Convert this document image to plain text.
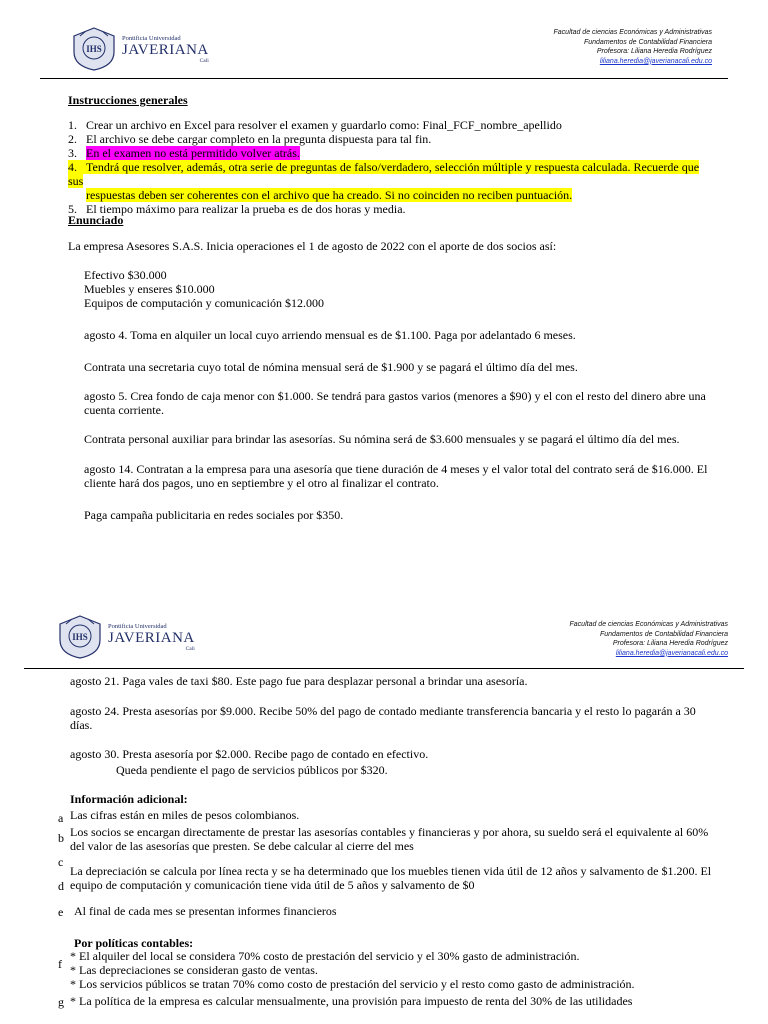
IHS
Pontificia Universidad
JAVERIANA
Cali
Facultad de ciencias Económicas y Administrativas
Fundamentos de Contabilidad Financiera
Profesora: Liliana Heredia Rodríguez
liliana.heredia@javerianacali.edu.co
Instrucciones generales
1. Crear un archivo en Excel para resolver el examen y guardarlo como: Final_FCF_nombre_apellido
2. El archivo se debe cargar completo en la pregunta dispuesta para tal fin.
3. En el examen no está permitido volver atrás.
4. Tendrá que resolver, además, otra serie de preguntas de falso/verdadero, selección múltiple y respuesta calculada. Recuerde que sus
respuestas deben ser coherentes con el archivo que ha creado. Si no coinciden no reciben puntuación.
5. El tiempo máximo para realizar la prueba es de dos horas y media.
Enunciado
La empresa Asesores S.A.S. Inicia operaciones el 1 de agosto de 2022 con el aporte de dos socios así:
Efectivo $30.000
Muebles y enseres $10.000
Equipos de computación y comunicación $12.000
agosto 4. Toma en alquiler un local cuyo arriendo mensual es de $1.100. Paga por adelantado 6 meses.
Contrata una secretaria cuyo total de nómina mensual será de $1.900 y se pagará el último día del mes.
agosto 5. Crea fondo de caja menor con $1.000. Se tendrá para gastos varios (menores a $90) y el con el resto del dinero abre una
cuenta corriente.
Contrata personal auxiliar para brindar las asesorías. Su nómina será de $3.600 mensuales y se pagará el último día del mes.
agosto 14. Contratan a la empresa para una asesoría que tiene duración de 4 meses y el valor total del contrato será de $16.000. El
cliente hará dos pagos, uno en septiembre y el otro al finalizar el contrato.
Paga campaña publicitaria en redes sociales por $350.
IHS
Pontificia Universidad
JAVERIANA
Cali
Facultad de ciencias Económicas y Administrativas
Fundamentos de Contabilidad Financiera
Profesora: Liliana Heredia Rodríguez
liliana.heredia@javerianacali.edu.co
agosto 21. Paga vales de taxi $80. Este pago fue para desplazar personal a brindar una asesoría.
agosto 24. Presta asesorías por $9.000. Recibe 50% del pago de contado mediante transferencia bancaria y el resto lo pagarán a 30
días.
agosto 30. Presta asesoría por $2.000. Recibe pago de contado en efectivo.
Queda pendiente el pago de servicios públicos por $320.
Información adicional:
a Las cifras están en miles de pesos colombianos.
b Los socios se encargan directamente de prestar las asesorías contables y financieras y por ahora, su sueldo será el equivalente al 60%
del valor de las asesorías que presten. Se debe calcular al cierre del mes
c
La depreciación se calcula por línea recta y se ha determinado que los muebles tienen vida útil de 12 años y salvamento de $1.200. El
d equipo de computación y comunicación tiene vida útil de 5 años y salvamento de $0
e Al final de cada mes se presentan informes financieros
Por políticas contables:
f
* El alquiler del local se considera 70% costo de prestación del servicio y el 30% gasto de administración.
* Las depreciaciones se consideran gasto de ventas.
* Los servicios públicos se tratan 70% como costo de prestación del servicio y el resto como gasto de administración.
g * La política de la empresa es calcular mensualmente, una provisión para impuesto de renta del 30% de las utilidades
